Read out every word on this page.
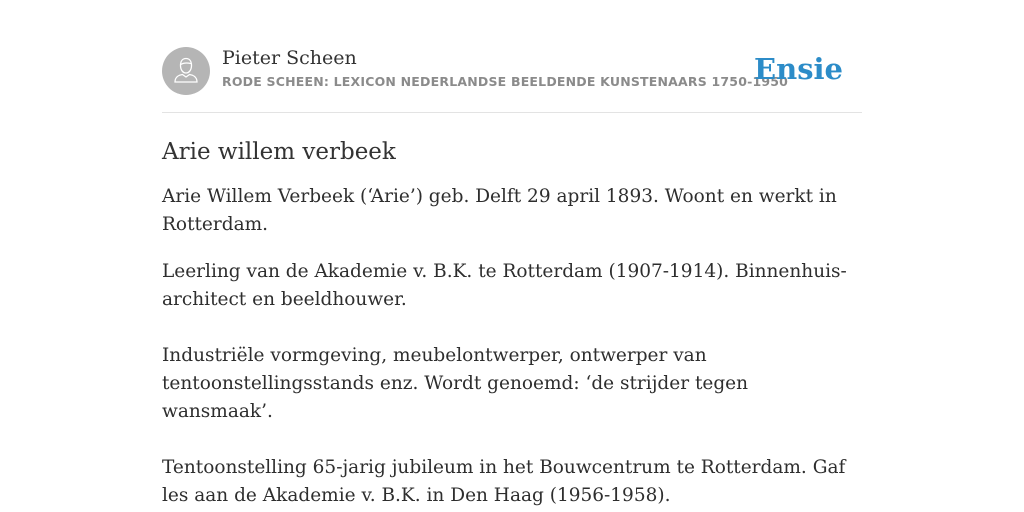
Pieter Scheen
RODE SCHEEN: LEXICON NEDERLANDSE BEELDENDE KUNSTENAARS 1750-1950
Ensie
Arie willem verbeek

Arie Willem Verbeek (‘Arie’) geb. Delft 29 april 1893. Woont en werkt in Rotterdam.

Leerling van de Akademie v. B.K. te Rotterdam (1907-1914). Binnenhuis-architect en beeldhouwer.

Industriële vormgeving, meubelontwerper, ontwerper van tentoonstellingsstands enz. Wordt genoemd: ‘de strijder tegen wansmaak’.

Tentoonstelling 65-jarig jubileum in het Bouwcentrum te Rotterdam. Gaf les aan de Akademie v. B.K. in Den Haag (1956-1958).
